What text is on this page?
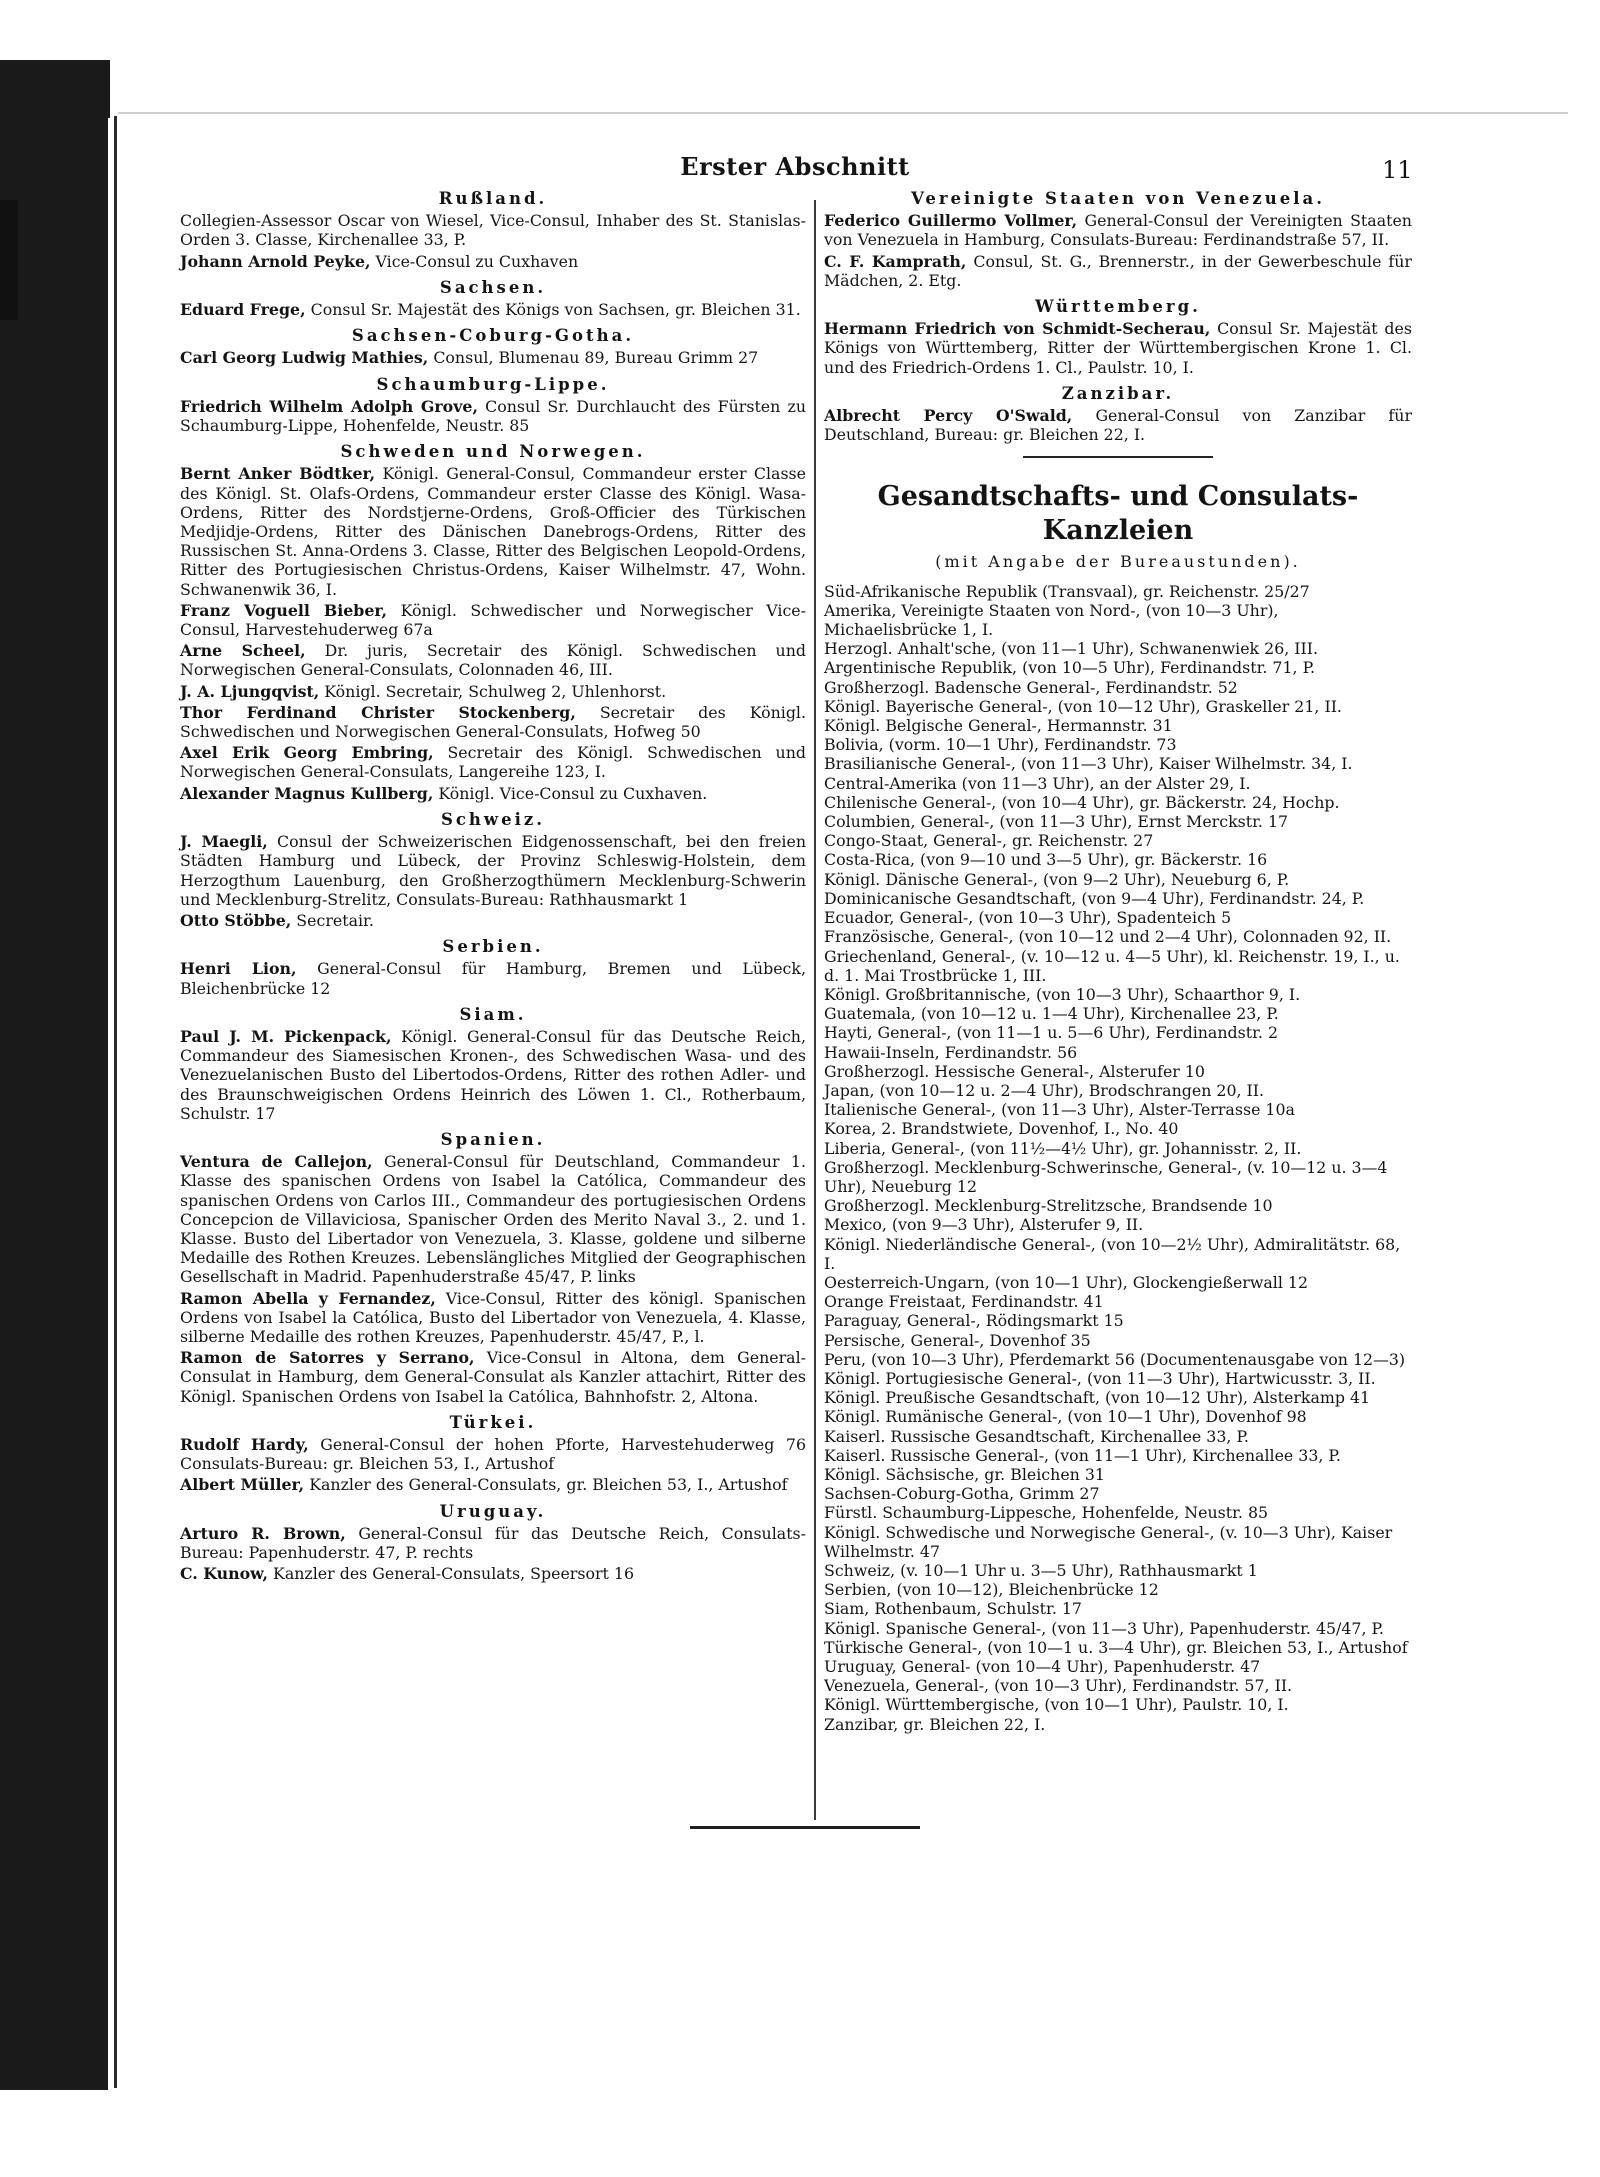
Erster Abschnitt	11
Rußland.
Collegien-Assessor Oscar von Wiesel, Vice-Consul, Inhaber des St. Stanislas-Orden 3. Classe, Kirchenallee 33, P.
Johann Arnold Peyke, Vice-Consul zu Cuxhaven
Sachsen.
Eduard Frege, Consul Sr. Majestät des Königs von Sachsen, gr. Bleichen 31.
Sachsen-Coburg-Gotha.
Carl Georg Ludwig Mathies, Consul, Blumenau 89, Bureau Grimm 27
Schaumburg-Lippe.
Friedrich Wilhelm Adolph Grove, Consul Sr. Durchlaucht des Fürsten zu Schaumburg-Lippe, Hohenfelde, Neustr. 85
Schweden und Norwegen.
Bernt Anker Bödtker, Königl. General-Consul, Commandeur erster Classe des Königl. St. Olafs-Ordens, Commandeur erster Classe des Königl. Wasa-Ordens, Ritter des Nordstjerne-Ordens, Groß-Officier des Türkischen Medjidje-Ordens, Ritter des Dänischen Danebrogs-Ordens, Ritter des Russischen St. Anna-Ordens 3. Classe, Ritter des Belgischen Leopold-Ordens, Ritter des Portugiesischen Christus-Ordens, Kaiser Wilhelmstr. 47, Wohn. Schwanenwik 36, I.
Franz Voguell Bieber, Königl. Schwedischer und Norwegischer Vice-Consul, Harvestehuderweg 67a
Arne Scheel, Dr. juris, Secretair des Königl. Schwedischen und Norwegischen General-Consulats, Colonnaden 46, III.
J. A. Ljungqvist, Königl. Secretair, Schulweg 2, Uhlenhorst.
Thor Ferdinand Christer Stockenberg, Secretair des Königl. Schwedischen und Norwegischen General-Consulats, Hofweg 50
Axel Erik Georg Embring, Secretair des Königl. Schwedischen und Norwegischen General-Consulats, Langereihe 123, I.
Alexander Magnus Kullberg, Königl. Vice-Consul zu Cuxhaven.
Schweiz.
J. Maegli, Consul der Schweizerischen Eidgenossenschaft, bei den freien Städten Hamburg und Lübeck, der Provinz Schleswig-Holstein, dem Herzogthum Lauenburg, den Großherzogthümern Mecklenburg-Schwerin und Mecklenburg-Strelitz, Consulats-Bureau: Rathhausmarkt 1
Otto Stöbbe, Secretair.
Serbien.
Henri Lion, General-Consul für Hamburg, Bremen und Lübeck, Bleichenbrücke 12
Siam.
Paul J. M. Pickenpack, Königl. General-Consul für das Deutsche Reich, Commandeur des Siamesischen Kronen-, des Schwedischen Wasa- und des Venezuelanischen Busto del Libertodos-Ordens, Ritter des rothen Adler- und des Braunschweigischen Ordens Heinrich des Löwen 1. Cl., Rotherbaum, Schulstr. 17
Spanien.
Ventura de Callejon, General-Consul für Deutschland, Commandeur 1. Klasse des spanischen Ordens von Isabel la Católica, Commandeur des spanischen Ordens von Carlos III., Commandeur des portugiesischen Ordens Concepcion de Villaviciosa, Spanischer Orden des Merito Naval 3., 2. und 1. Klasse. Busto del Libertador von Venezuela, 3. Klasse, goldene und silberne Medaille des Rothen Kreuzes. Lebenslängliches Mitglied der Geographischen Gesellschaft in Madrid. Papenhuderstraße 45/47, P. links
Ramon Abella y Fernandez, Vice-Consul, Ritter des königl. Spanischen Ordens von Isabel la Católica, Busto del Libertador von Venezuela, 4. Klasse, silberne Medaille des rothen Kreuzes, Papenhuderstr. 45/47, P., l.
Ramon de Satorres y Serrano, Vice-Consul in Altona, dem General-Consulat in Hamburg, dem General-Consulat als Kanzler attachirt, Ritter des Königl. Spanischen Ordens von Isabel la Católica, Bahnhofstr. 2, Altona.
Türkei.
Rudolf Hardy, General-Consul der hohen Pforte, Harvestehuderweg 76 Consulats-Bureau: gr. Bleichen 53, I., Artushof
Albert Müller, Kanzler des General-Consulats, gr. Bleichen 53, I., Artushof
Uruguay.
Arturo R. Brown, General-Consul für das Deutsche Reich, Consulats-Bureau: Papenhuderstr. 47, P. rechts
C. Kunow, Kanzler des General-Consulats, Speersort 16
Vereinigte Staaten von Venezuela.
Federico Guillermo Vollmer, General-Consul der Vereinigten Staaten von Venezuela in Hamburg, Consulats-Bureau: Ferdinandstraße 57, II.
C. F. Kamprath, Consul, St. G., Brennerstr., in der Gewerbeschule für Mädchen, 2. Etg.
Württemberg.
Hermann Friedrich von Schmidt-Secherau, Consul Sr. Majestät des Königs von Württemberg, Ritter der Württembergischen Krone 1. Cl. und des Friedrich-Ordens 1. Cl., Paulstr. 10, I.
Zanzibar.
Albrecht Percy O'Swald, General-Consul von Zanzibar für Deutschland, Bureau: gr. Bleichen 22, I.
Gesandtschafts- und Consulats-Kanzleien
(mit Angabe der Bureaustunden).
Süd-Afrikanische Republik (Transvaal), gr. Reichenstr. 25/27
Amerika, Vereinigte Staaten von Nord-, (von 10—3 Uhr), Michaelisbrücke 1, I.
Herzogl. Anhalt'sche, (von 11—1 Uhr), Schwanenwiek 26, III.
Argentinische Republik, (von 10—5 Uhr), Ferdinandstr. 71, P.
Großherzogl. Badensche General-, Ferdinandstr. 52
Königl. Bayerische General-, (von 10—12 Uhr), Graskeller 21, II.
Königl. Belgische General-, Hermannstr. 31
Bolivia, (vorm. 10—1 Uhr), Ferdinandstr. 73
Brasilianische General-, (von 11—3 Uhr), Kaiser Wilhelmstr. 34, I.
Central-Amerika (von 11—3 Uhr), an der Alster 29, I.
Chilenische General-, (von 10—4 Uhr), gr. Bäckerstr. 24, Hochp.
Columbien, General-, (von 11—3 Uhr), Ernst Merckstr. 17
Congo-Staat, General-, gr. Reichenstr. 27
Costa-Rica, (von 9—10 und 3—5 Uhr), gr. Bäckerstr. 16
Königl. Dänische General-, (von 9—2 Uhr), Neueburg 6, P.
Dominicanische Gesandtschaft, (von 9—4 Uhr), Ferdinandstr. 24, P.
Ecuador, General-, (von 10—3 Uhr), Spadenteich 5
Französische, General-, (von 10—12 und 2—4 Uhr), Colonnaden 92, II.
Griechenland, General-, (v. 10—12 u. 4—5 Uhr), kl. Reichenstr. 19, I., u. d. 1. Mai Trostbrücke 1, III.
Königl. Großbritannische, (von 10—3 Uhr), Schaarthor 9, I.
Guatemala, (von 10—12 u. 1—4 Uhr), Kirchenallee 23, P.
Hayti, General-, (von 11—1 u. 5—6 Uhr), Ferdinandstr. 2
Hawaii-Inseln, Ferdinandstr. 56
Großherzogl. Hessische General-, Alsterufer 10
Japan, (von 10—12 u. 2—4 Uhr), Brodschrangen 20, II.
Italienische General-, (von 11—3 Uhr), Alster-Terrasse 10a
Korea, 2. Brandstwiete, Dovenhof, I., No. 40
Liberia, General-, (von 11½—4½ Uhr), gr. Johannisstr. 2, II.
Großherzogl. Mecklenburg-Schwerinsche, General-, (v. 10—12 u. 3—4 Uhr), Neueburg 12
Großherzogl. Mecklenburg-Strelitzsche, Brandsende 10
Mexico, (von 9—3 Uhr), Alsterufer 9, II.
Königl. Niederländische General-, (von 10—2½ Uhr), Admiralitätstr. 68, I.
Oesterreich-Ungarn, (von 10—1 Uhr), Glockengießerwall 12
Orange Freistaat, Ferdinandstr. 41
Paraguay, General-, Rödingsmarkt 15
Persische, General-, Dovenhof 35
Peru, (von 10—3 Uhr), Pferdemarkt 56 (Documentenausgabe von 12—3)
Königl. Portugiesische General-, (von 11—3 Uhr), Hartwicusstr. 3, II.
Königl. Preußische Gesandtschaft, (von 10—12 Uhr), Alsterkamp 41
Königl. Rumänische General-, (von 10—1 Uhr), Dovenhof 98
Kaiserl. Russische Gesandtschaft, Kirchenallee 33, P.
Kaiserl. Russische General-, (von 11—1 Uhr), Kirchenallee 33, P.
Königl. Sächsische, gr. Bleichen 31
Sachsen-Coburg-Gotha, Grimm 27
Fürstl. Schaumburg-Lippesche, Hohenfelde, Neustr. 85
Königl. Schwedische und Norwegische General-, (v. 10—3 Uhr), Kaiser Wilhelmstr. 47
Schweiz, (v. 10—1 Uhr u. 3—5 Uhr), Rathhausmarkt 1
Serbien, (von 10—12), Bleichenbrücke 12
Siam, Rothenbaum, Schulstr. 17
Königl. Spanische General-, (von 11—3 Uhr), Papenhuderstr. 45/47, P.
Türkische General-, (von 10—1 u. 3—4 Uhr), gr. Bleichen 53, I., Artushof
Uruguay, General- (von 10—4 Uhr), Papenhuderstr. 47
Venezuela, General-, (von 10—3 Uhr), Ferdinandstr. 57, II.
Königl. Württembergische, (von 10—1 Uhr), Paulstr. 10, I.
Zanzibar, gr. Bleichen 22, I.
